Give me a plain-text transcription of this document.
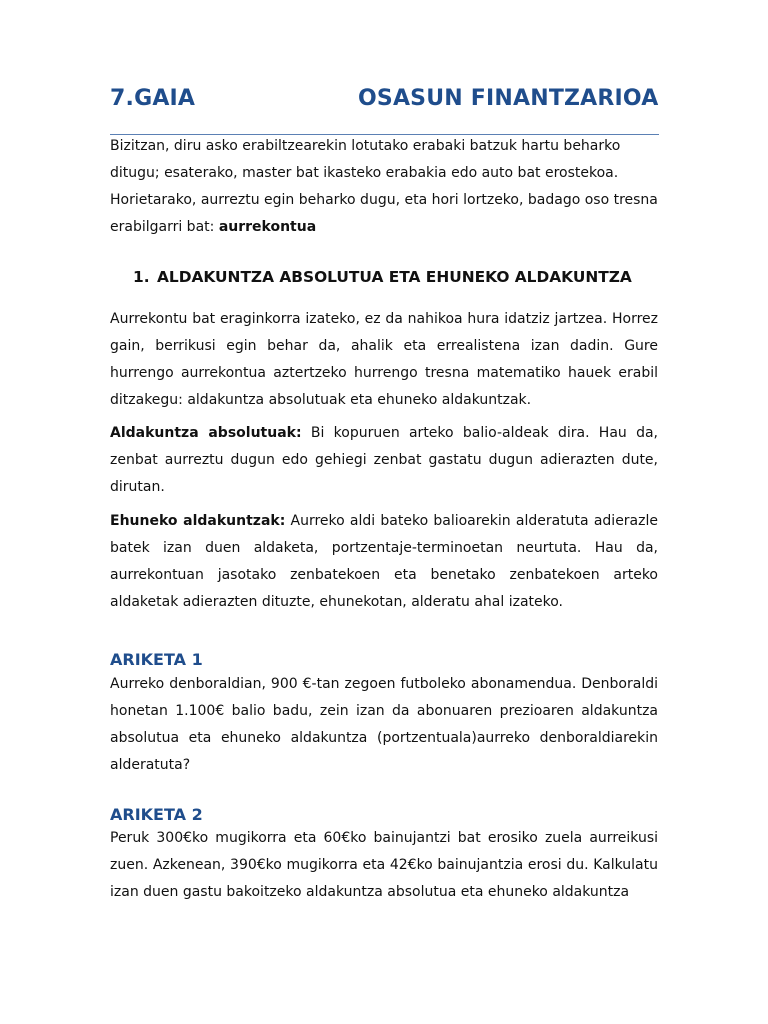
7.GAIA	OSASUN FINANTZARIOA

Bizitzan, diru asko erabiltzearekin lotutako erabaki batzuk hartu beharko ditugu; esaterako, master bat ikasteko erabakia edo auto bat erostekoa. Horietarako, aurreztu egin beharko dugu, eta hori lortzeko, badago oso tresna erabilgarri bat: aurrekontua

1. ALDAKUNTZA ABSOLUTUA ETA EHUNEKO ALDAKUNTZA

Aurrekontu bat eraginkorra izateko, ez da nahikoa hura idatziz jartzea. Horrez gain, berrikusi egin behar da, ahalik eta errealistena izan dadin. Gure hurrengo aurrekontua aztertzeko hurrengo tresna matematiko hauek erabil ditzakegu: aldakuntza absolutuak eta ehuneko aldakuntzak.

Aldakuntza absolutuak: Bi kopuruen arteko balio-aldeak dira. Hau da, zenbat aurreztu dugun edo gehiegi zenbat gastatu dugun adierazten dute, dirutan.

Ehuneko aldakuntzak: Aurreko aldi bateko balioarekin alderatuta adierazle batek izan duen aldaketa, portzentaje-terminoetan neurtuta. Hau da, aurrekontuan jasotako zenbatekoen eta benetako zenbatekoen arteko aldaketak adierazten dituzte, ehunekotan, alderatu ahal izateko.

ARIKETA 1

Aurreko denboraldian, 900 €-tan zegoen futboleko abonamendua. Denboraldi honetan 1.100€ balio badu, zein izan da abonuaren prezioaren aldakuntza absolutua eta ehuneko aldakuntza (portzentuala)aurreko denboraldiarekin alderatuta?

ARIKETA 2

Peruk 300€ko mugikorra eta 60€ko bainujantzi bat erosiko zuela aurreikusi zuen. Azkenean, 390€ko mugikorra eta 42€ko bainujantzia erosi du. Kalkulatu izan duen gastu bakoitzeko aldakuntza absolutua eta ehuneko aldakuntza
